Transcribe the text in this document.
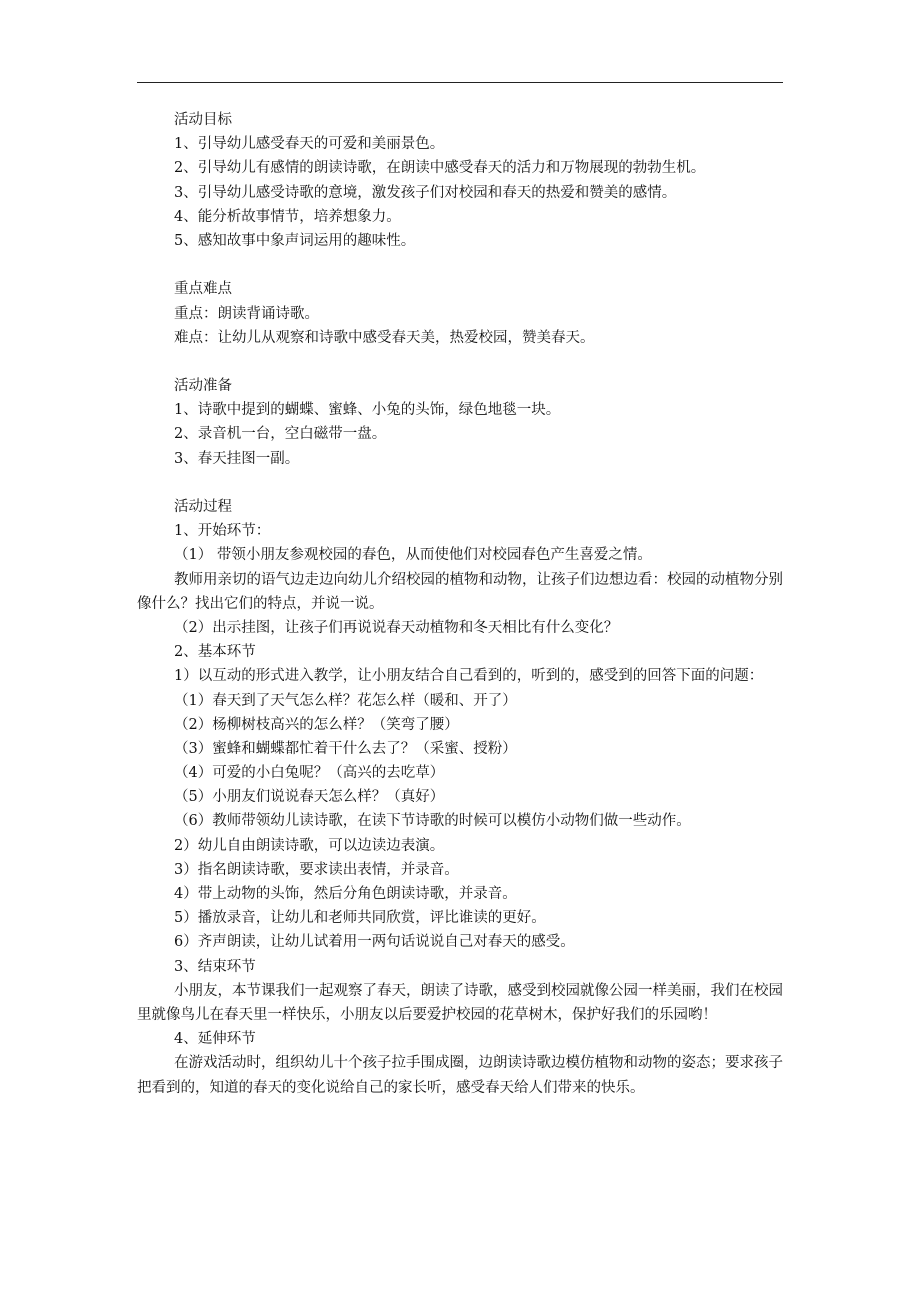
活动目标
1、引导幼儿感受春天的可爱和美丽景色。
2、引导幼儿有感情的朗读诗歌，在朗读中感受春天的活力和万物展现的勃勃生机。
3、引导幼儿感受诗歌的意境，激发孩子们对校园和春天的热爱和赞美的感情。
4、能分析故事情节，培养想象力。
5、感知故事中象声词运用的趣味性。
重点难点
重点：朗读背诵诗歌。
难点：让幼儿从观察和诗歌中感受春天美，热爱校园，赞美春天。
活动准备
1、诗歌中提到的蝴蝶、蜜蜂、小兔的头饰，绿色地毯一块。
2、录音机一台，空白磁带一盘。
3、春天挂图一副。
活动过程
1、开始环节：
（1） 带领小朋友参观校园的春色，从而使他们对校园春色产生喜爱之情。
教师用亲切的语气边走边向幼儿介绍校园的植物和动物，让孩子们边想边看：校园的动植物分别像什么？找出它们的特点，并说一说。
（2）出示挂图，让孩子们再说说春天动植物和冬天相比有什么变化？
2、基本环节
1）以互动的形式进入教学，让小朋友结合自己看到的，听到的，感受到的回答下面的问题：
（1）春天到了天气怎么样？花怎么样（暖和、开了）
（2）杨柳树枝高兴的怎么样？（笑弯了腰）
（3）蜜蜂和蝴蝶都忙着干什么去了？（采蜜、授粉）
（4）可爱的小白兔呢？（高兴的去吃草）
（5）小朋友们说说春天怎么样？（真好）
（6）教师带领幼儿读诗歌，在读下节诗歌的时候可以模仿小动物们做一些动作。
2）幼儿自由朗读诗歌，可以边读边表演。
3）指名朗读诗歌，要求读出表情，并录音。
4）带上动物的头饰，然后分角色朗读诗歌，并录音。
5）播放录音，让幼儿和老师共同欣赏，评比谁读的更好。
6）齐声朗读，让幼儿试着用一两句话说说自己对春天的感受。
3、结束环节
小朋友，本节课我们一起观察了春天，朗读了诗歌，感受到校园就像公园一样美丽，我们在校园里就像鸟儿在春天里一样快乐，小朋友以后要爱护校园的花草树木，保护好我们的乐园哟！
4、延伸环节
在游戏活动时，组织幼儿十个孩子拉手围成圈，边朗读诗歌边模仿植物和动物的姿态；要求孩子把看到的，知道的春天的变化说给自己的家长听，感受春天给人们带来的快乐。
